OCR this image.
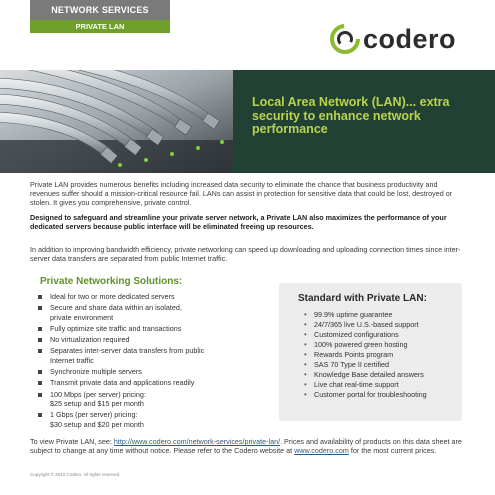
NETWORK SERVICES
PRIVATE LAN	codero
Local Area Network (LAN)... extra security to enhance network performance
Private LAN provides numerous benefits including increased data security to eliminate the chance that business productivity and revenues suffer should a mission-critical resource fail. LANs can assist in protection for sensitive data that could be lost, destroyed or stolen. It gives you comprehensive, private control.
Designed to safeguard and streamline your private server network, a Private LAN also maximizes the performance of your dedicated servers because public interface will be eliminated freeing up resources.
In addition to improving bandwidth efficiency, private networking can speed up downloading and uploading connection times since inter-server data transfers are separated from public Internet traffic.
Private Networking Solutions:
Ideal for two or more dedicated servers
Secure and share data within an isolated,
private environment
Fully optimize site traffic and transactions
No virtualization required
Separates inter-server data transfers from public
Internet traffic
Synchronize multiple servers
Transmit private data and applications readily
100 Mbps (per server) pricing:
$25 setup and $15 per month
1 Gbps (per server) pricing:
$30 setup and $20 per month
Standard with Private LAN:
• 99.9% uptime guarantee
• 24/7/365 live U.S.-based support
• Customized configurations
• 100% powered green hosting
• Rewards Points program
• SAS 70 Type II certified
• Knowledge Base detailed answers
• Live chat real-time support
• Customer portal for troubleshooting
To view Private LAN, see: http://www.codero.com/network-services/private-lan/. Prices and availability of products on this data sheet are subject to change at any time without notice. Please refer to the Codero website at www.codero.com for the most current prices.
Copyright © 2010 Codero. All rights reserved.
